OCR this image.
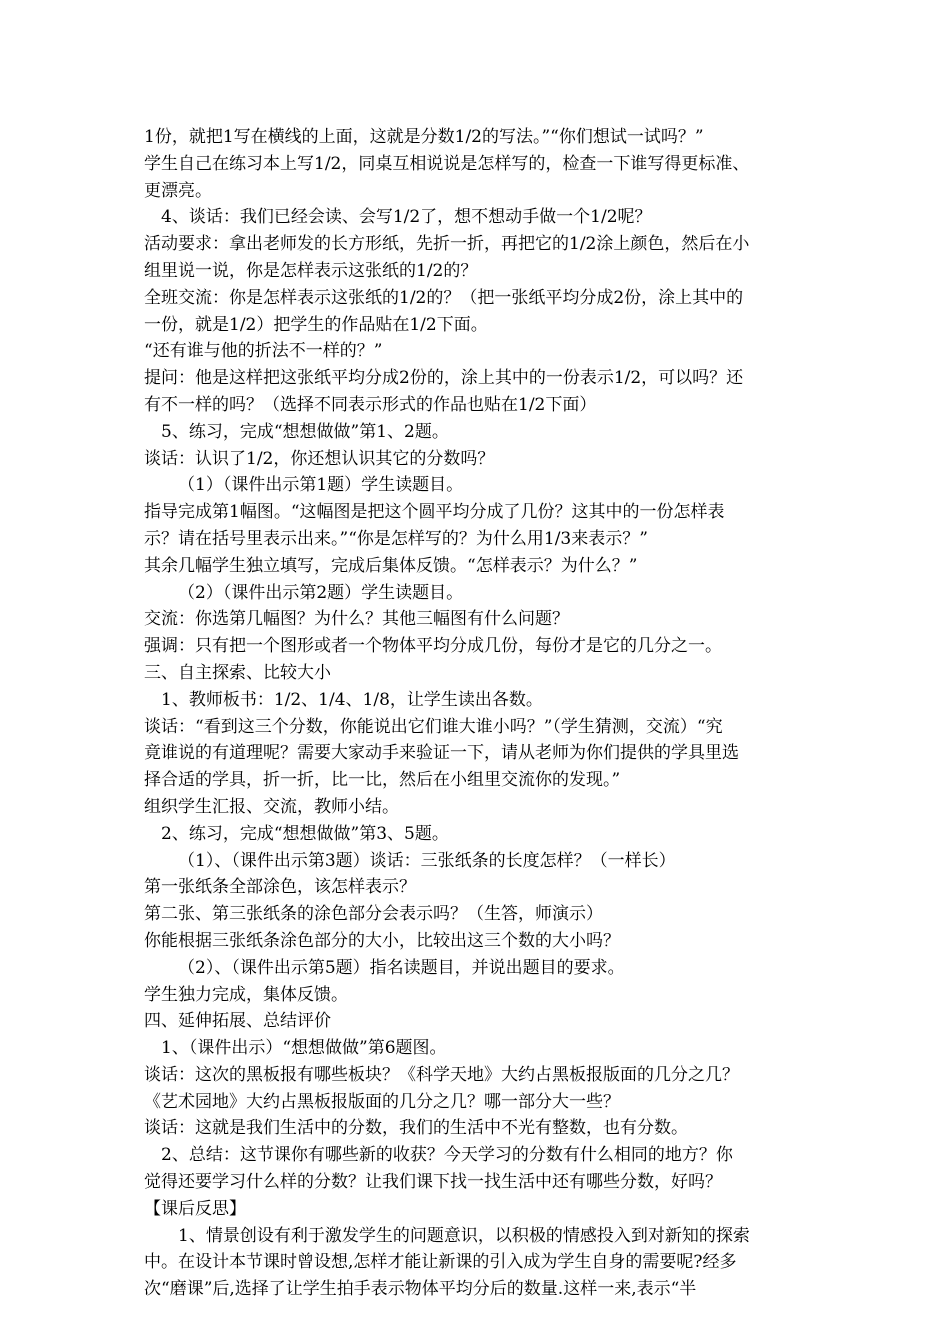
1份，就把1写在横线的上面，这就是分数1/2的写法。”“你们想试一试吗？”
学生自己在练习本上写1/2，同桌互相说说是怎样写的，检查一下谁写得更标准、
更漂亮。
4、谈话：我们已经会读、会写1/2了，想不想动手做一个1/2呢？
活动要求：拿出老师发的长方形纸，先折一折，再把它的1/2涂上颜色，然后在小
组里说一说，你是怎样表示这张纸的1/2的？
全班交流：你是怎样表示这张纸的1/2的？（把一张纸平均分成2份，涂上其中的
一份，就是1/2）把学生的作品贴在1/2下面。
“还有谁与他的折法不一样的？”
提问：他是这样把这张纸平均分成2份的，涂上其中的一份表示1/2，可以吗？还
有不一样的吗？（选择不同表示形式的作品也贴在1/2下面）
5、练习，完成“想想做做”第1、2题。
谈话：认识了1/2，你还想认识其它的分数吗？
（1）（课件出示第1题）学生读题目。
指导完成第1幅图。“这幅图是把这个圆平均分成了几份？这其中的一份怎样表
示？请在括号里表示出来。”“你是怎样写的？为什么用1/3来表示？”
其余几幅学生独立填写，完成后集体反馈。“怎样表示？为什么？”
（2）（课件出示第2题）学生读题目。
交流：你选第几幅图？为什么？其他三幅图有什么问题？
强调：只有把一个图形或者一个物体平均分成几份，每份才是它的几分之一。
三、自主探索、比较大小
1、教师板书：1/2、1/4、1/8，让学生读出各数。
谈话：“看到这三个分数，你能说出它们谁大谁小吗？”（学生猜测，交流）“究
竟谁说的有道理呢？需要大家动手来验证一下，请从老师为你们提供的学具里选
择合适的学具，折一折，比一比，然后在小组里交流你的发现。”
组织学生汇报、交流，教师小结。
2、练习，完成“想想做做”第3、5题。
（1）、（课件出示第3题）谈话：三张纸条的长度怎样？（一样长）
第一张纸条全部涂色，该怎样表示？
第二张、第三张纸条的涂色部分会表示吗？（生答，师演示）
你能根据三张纸条涂色部分的大小，比较出这三个数的大小吗？
（2）、（课件出示第5题）指名读题目，并说出题目的要求。
学生独力完成，集体反馈。
四、延伸拓展、总结评价
1、（课件出示）“想想做做”第6题图。
谈话：这次的黑板报有哪些板块？《科学天地》大约占黑板报版面的几分之几？
《艺术园地》大约占黑板报版面的几分之几？哪一部分大一些？
谈话：这就是我们生活中的分数，我们的生活中不光有整数，也有分数。
2、总结：这节课你有哪些新的收获？今天学习的分数有什么相同的地方？你
觉得还要学习什么样的分数？让我们课下找一找生活中还有哪些分数，好吗？
【课后反思】
1、情景创设有利于激发学生的问题意识，以积极的情感投入到对新知的探索
中。在设计本节课时曾设想,怎样才能让新课的引入成为学生自身的需要呢?经多
次“磨课”后,选择了让学生拍手表示物体平均分后的数量.这样一来,表示“半
